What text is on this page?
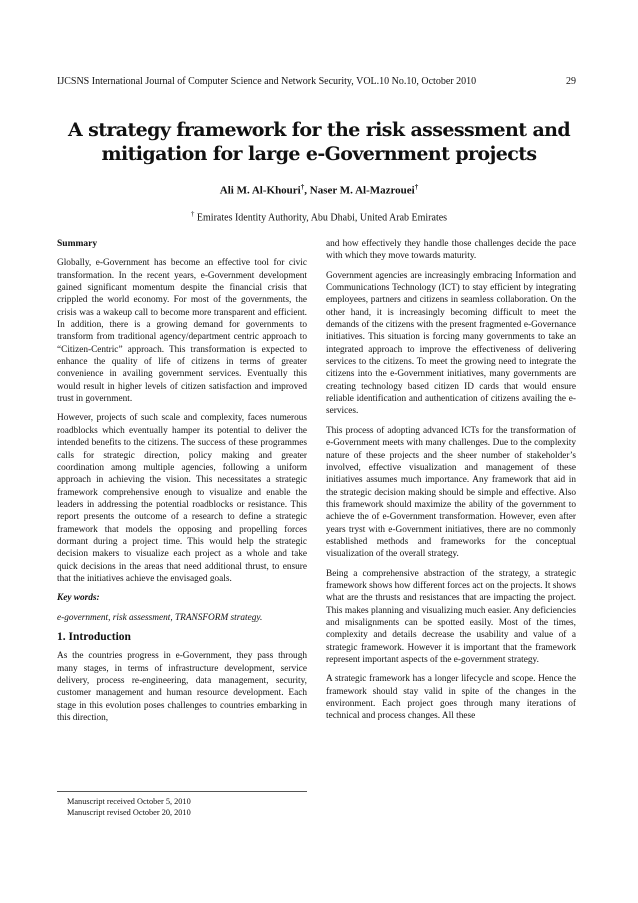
IJCSNS International Journal of Computer Science and Network Security, VOL.10 No.10, October 2010	29
A strategy framework for the risk assessment and mitigation for large e-Government projects
Ali M. Al-Khouri†, Naser M. Al-Mazrouei†
† Emirates Identity Authority, Abu Dhabi, United Arab Emirates

Summary

Globally, e-Government has become an effective tool for civic transformation. In the recent years, e-Government development gained significant momentum despite the financial crisis that crippled the world economy. For most of the governments, the crisis was a wakeup call to become more transparent and efficient. In addition, there is a growing demand for governments to transform from traditional agency/department centric approach to “Citizen-Centric” approach. This transformation is expected to enhance the quality of life of citizens in terms of greater convenience in availing government services. Eventually this would result in higher levels of citizen satisfaction and improved trust in government.

However, projects of such scale and complexity, faces numerous roadblocks which eventually hamper its potential to deliver the intended benefits to the citizens. The success of these programmes calls for strategic direction, policy making and greater coordination among multiple agencies, following a uniform approach in achieving the vision. This necessitates a strategic framework comprehensive enough to visualize and enable the leaders in addressing the potential roadblocks or resistance. This report presents the outcome of a research to define a strategic framework that models the opposing and propelling forces dormant during a project time. This would help the strategic decision makers to visualize each project as a whole and take quick decisions in the areas that need additional thrust, to ensure that the initiatives achieve the envisaged goals.

Key words:

e-government, risk assessment, TRANSFORM strategy.

1. Introduction

As the countries progress in e-Government, they pass through many stages, in terms of infrastructure development, service delivery, process re-engineering, data management, security, customer management and human resource development. Each stage in this evolution poses challenges to countries embarking in this direction,

and how effectively they handle those challenges decide the pace with which they move towards maturity.

Government agencies are increasingly embracing Information and Communications Technology (ICT) to stay efficient by integrating employees, partners and citizens in seamless collaboration. On the other hand, it is increasingly becoming difficult to meet the demands of the citizens with the present fragmented e-Governance initiatives. This situation is forcing many governments to take an integrated approach to improve the effectiveness of delivering services to the citizens. To meet the growing need to integrate the citizens into the e-Government initiatives, many governments are creating technology based citizen ID cards that would ensure reliable identification and authentication of citizens availing the e-services.

This process of adopting advanced ICTs for the transformation of e-Government meets with many challenges. Due to the complexity nature of these projects and the sheer number of stakeholder’s involved, effective visualization and management of these initiatives assumes much importance. Any framework that aid in the strategic decision making should be simple and effective. Also this framework should maximize the ability of the government to achieve the of e-Government transformation. However, even after years tryst with e-Government initiatives, there are no commonly established methods and frameworks for the conceptual visualization of the overall strategy.

Being a comprehensive abstraction of the strategy, a strategic framework shows how different forces act on the projects. It shows what are the thrusts and resistances that are impacting the project. This makes planning and visualizing much easier. Any deficiencies and misalignments can be spotted easily. Most of the times, complexity and details decrease the usability and value of a strategic framework. However it is important that the framework represent important aspects of the e-government strategy.

A strategic framework has a longer lifecycle and scope. Hence the framework should stay valid in spite of the changes in the environment. Each project goes through many iterations of technical and process changes. All these

Manuscript received October 5, 2010
Manuscript revised October 20, 2010
